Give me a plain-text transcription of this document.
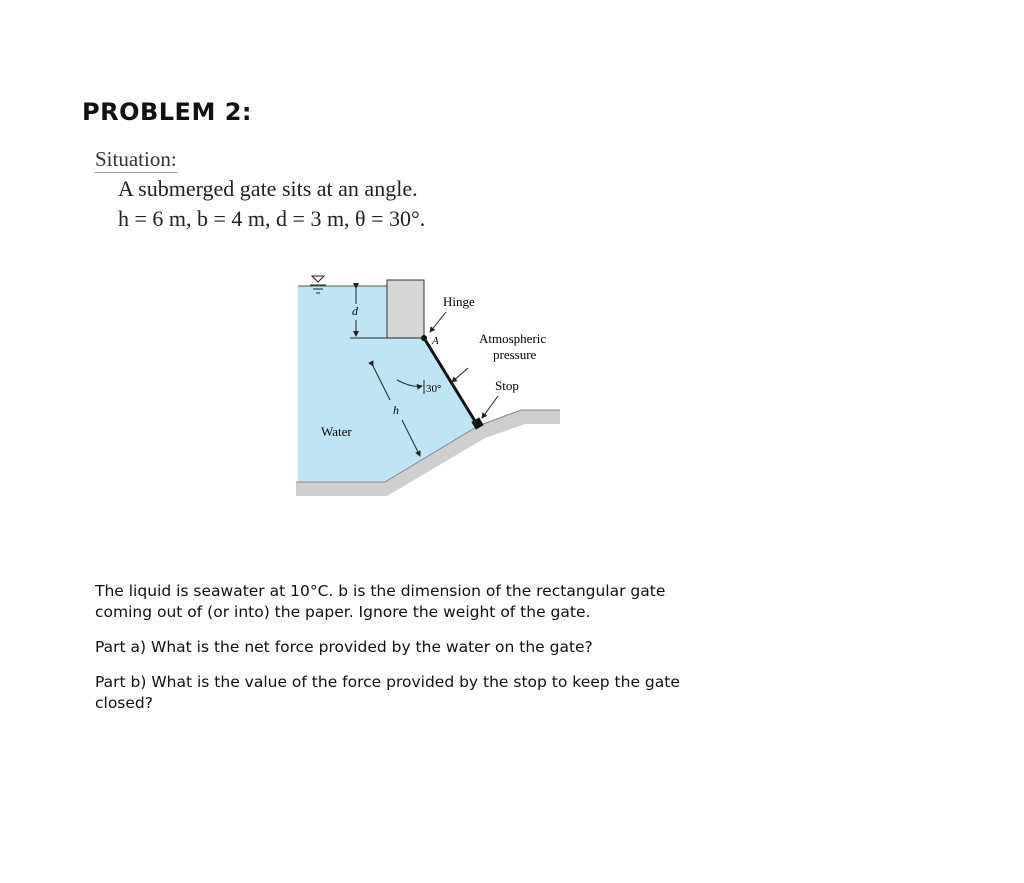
PROBLEM 2:
Situation:
A submerged gate sits at an angle.
h = 6 m, b = 4 m, d = 3 m, θ = 30°.
d
h
30°
Hinge
A	Atmospheric
pressure
Stop
Water

The liquid is seawater at 10°C. b is the dimension of the rectangular gate coming out of (or into) the paper. Ignore the weight of the gate.

Part a) What is the net force provided by the water on the gate?

Part b) What is the value of the force provided by the stop to keep the gate closed?
